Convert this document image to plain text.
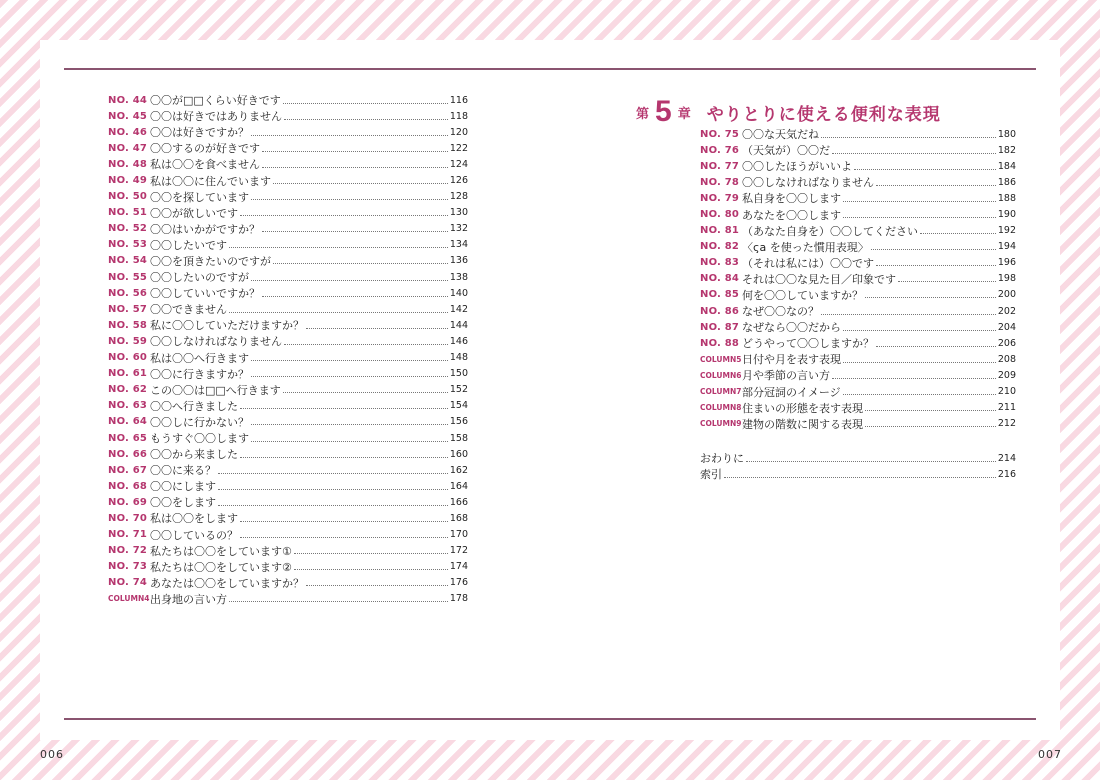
NO. 44 〇〇が□□くらい好きです	116
NO. 45 〇〇は好きではありません	118
NO. 46 〇〇は好きですか？	120
NO. 47 〇〇するのが好きです	122
NO. 48 私は〇〇を食べません	124
NO. 49 私は〇〇に住んでいます	126
NO. 50 〇〇を探しています	128
NO. 51 〇〇が欲しいです	130
NO. 52 〇〇はいかがですか？	132
NO. 53 〇〇したいです	134
NO. 54 〇〇を頂きたいのですが	136
NO. 55 〇〇したいのですが	138
NO. 56 〇〇していいですか？	140
NO. 57 〇〇できません	142
NO. 58 私に〇〇していただけますか？	144
NO. 59 〇〇しなければなりません	146
NO. 60 私は〇〇へ行きます	148
NO. 61 〇〇に行きますか？	150
NO. 62 この〇〇は□□へ行きます	152
NO. 63 〇〇へ行きました	154
NO. 64 〇〇しに行かない？	156
NO. 65 もうすぐ〇〇します	158
NO. 66 〇〇から来ました	160
NO. 67 〇〇に来る？	162
NO. 68 〇〇にします	164
NO. 69 〇〇をします	166
NO. 70 私は〇〇をします	168
NO. 71 〇〇しているの？	170
NO. 72 私たちは〇〇をしています①	172
NO. 73 私たちは〇〇をしています②	174
NO. 74 あなたは〇〇をしていますか？	176
COLUMN4 出身地の言い方	178
第 5 章 やりとりに使える便利な表現
NO. 75 〇〇な天気だね	180
NO. 76 （天気が）〇〇だ	182
NO. 77 〇〇したほうがいいよ	184
NO. 78 〇〇しなければなりません	186
NO. 79 私自身を〇〇します	188
NO. 80 あなたを〇〇します	190
NO. 81 （あなた自身を）〇〇してください	192
NO. 82 〈ςa を使った慣用表現〉	194
NO. 83 （それは私には）〇〇です	196
NO. 84 それは〇〇な見た目／印象です	198
NO. 85 何を〇〇していますか？	200
NO. 86 なぜ〇〇なの？	202
NO. 87 なぜなら〇〇だから	204
NO. 88 どうやって〇〇しますか？	206
COLUMN5 日付や月を表す表現	208
COLUMN6 月や季節の言い方	209
COLUMN7 部分冠詞のイメージ	210
COLUMN8 住まいの形態を表す表現	211
COLUMN9 建物の階数に関する表現	212
おわりに	214
索引	216
006	007
